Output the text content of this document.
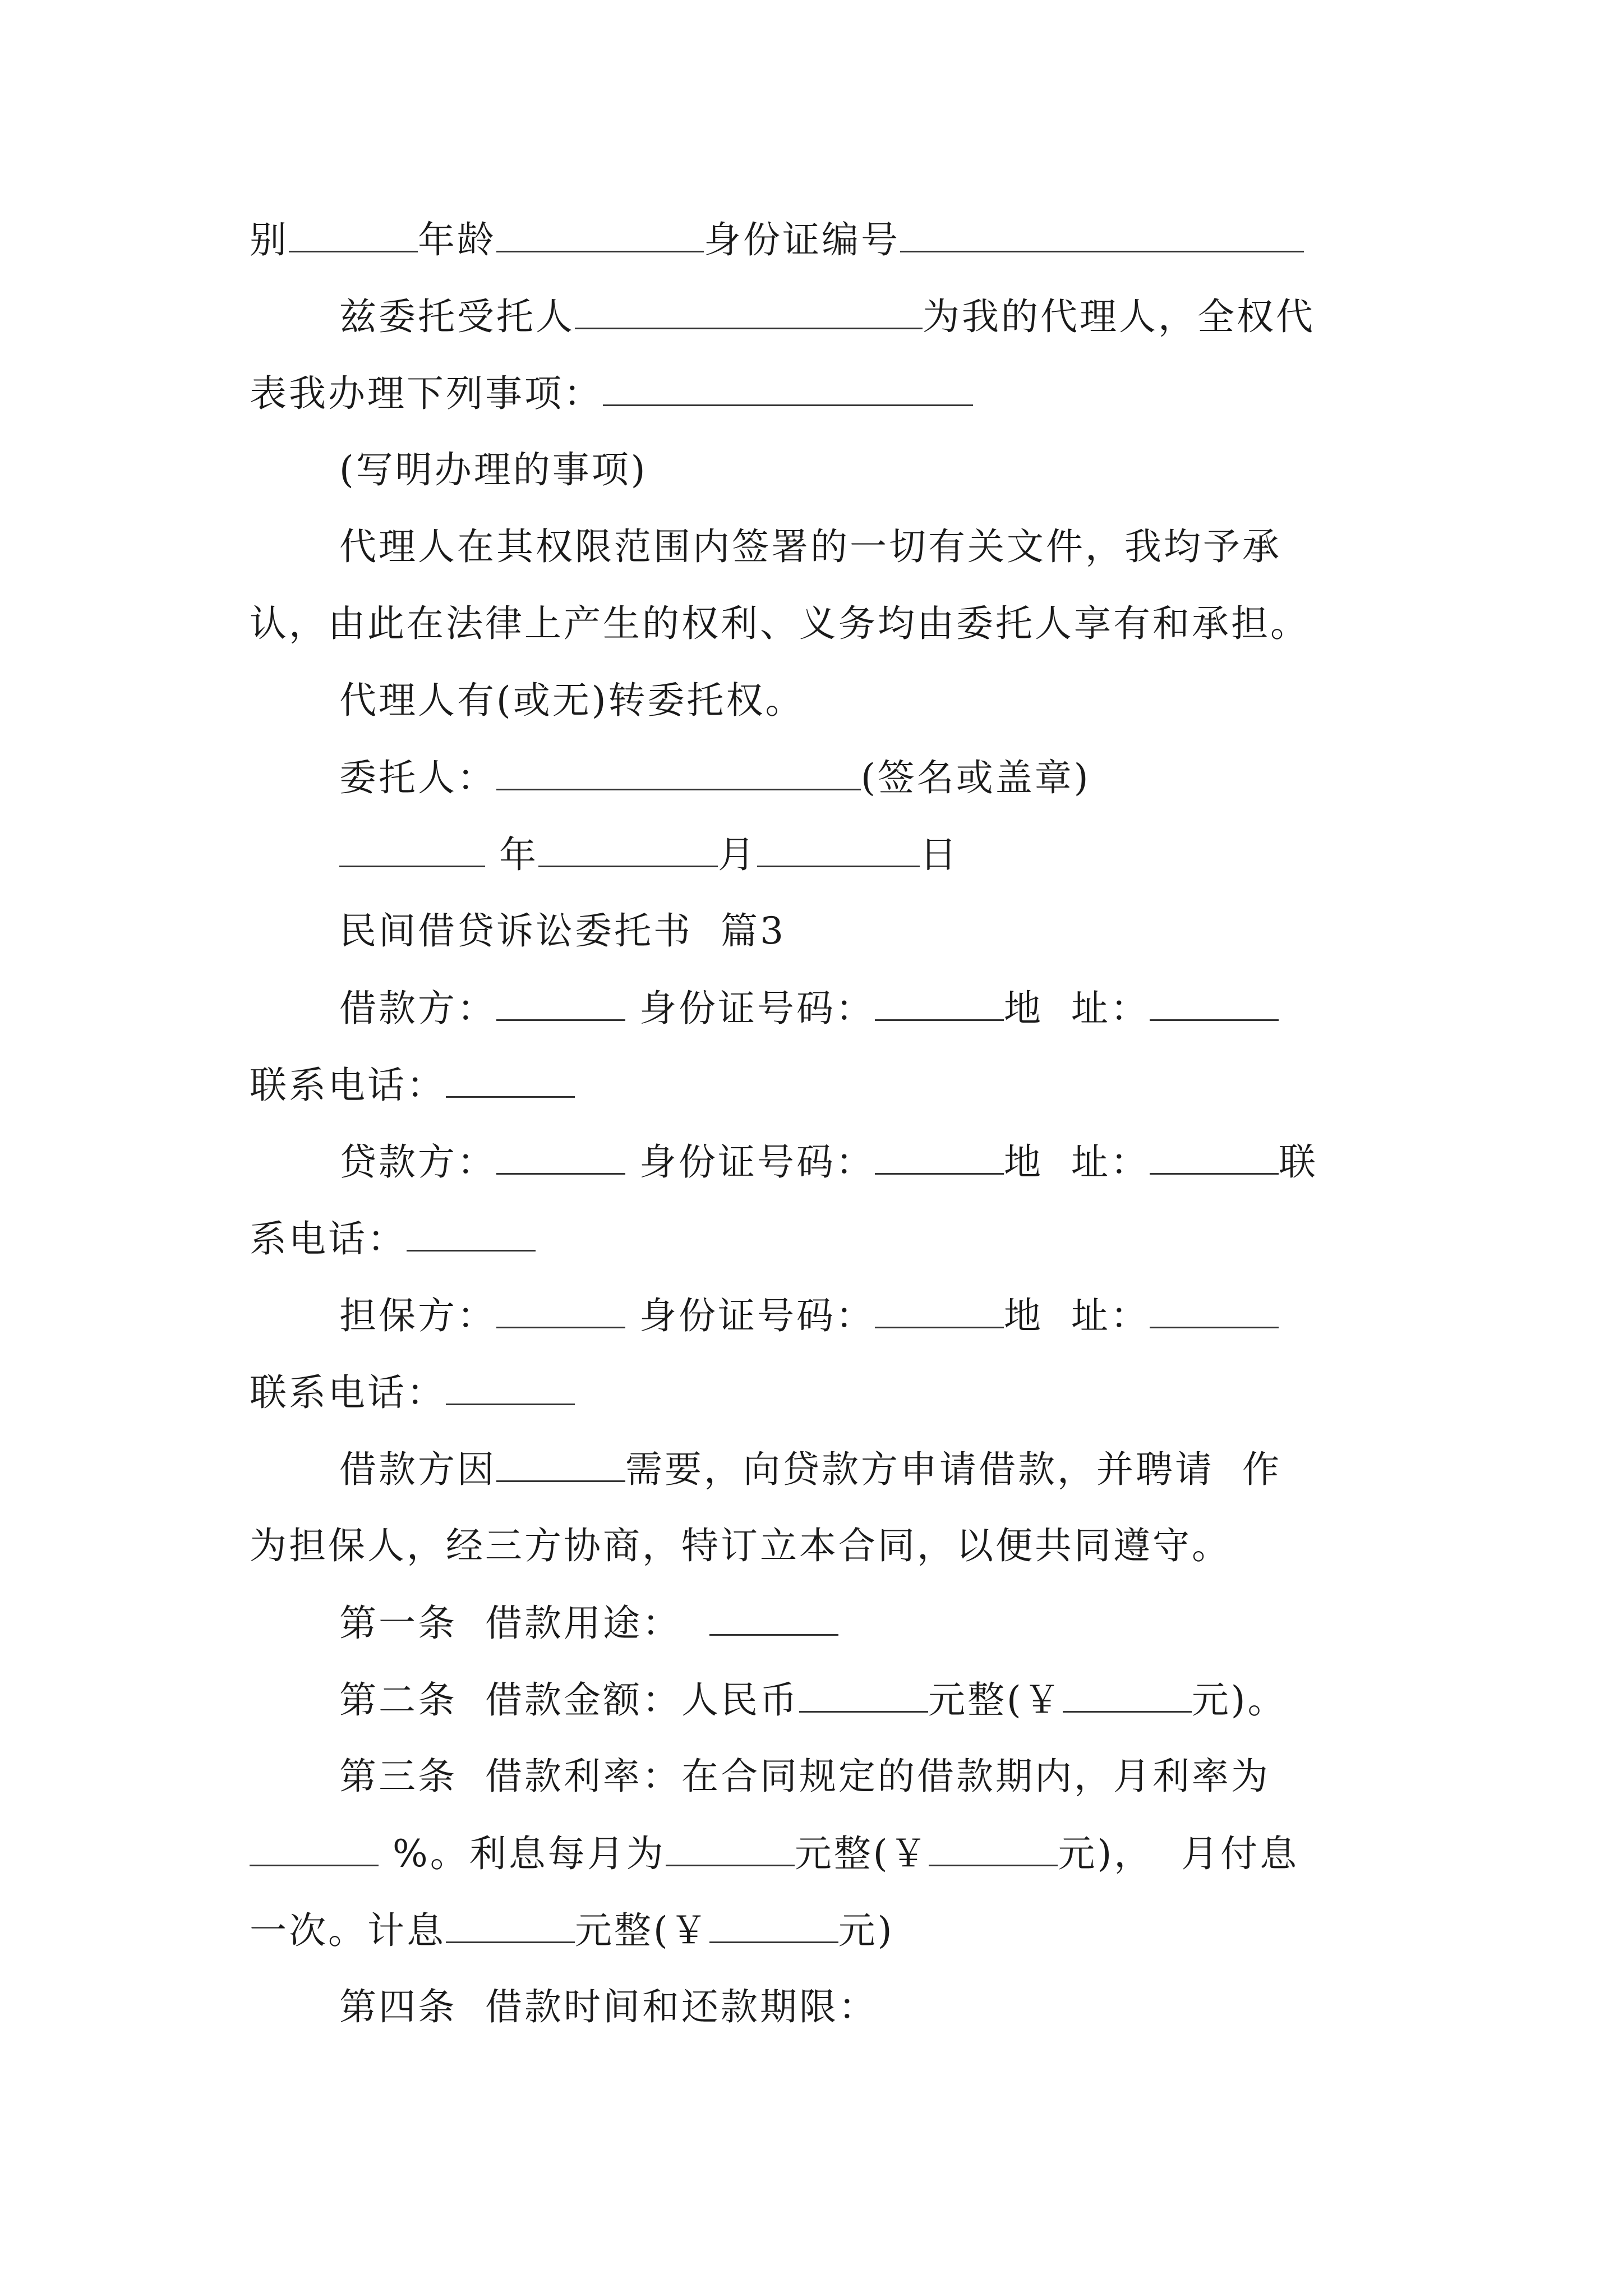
别	年龄	身份证编号
兹委托受托人	为我的代理人，全权代
表我办理下列事项：
(写明办理的事项)
代理人在其权限范围内签署的一切有关文件，我均予承
认，由此在法律上产生的权利、义务均由委托人享有和承担。
代理人有(或无)转委托权。
委托人：	(签名或盖章)
年	月	日
民间借贷诉讼委托书  篇3
借款方：	身份证号码：	地  址：
联系电话：
贷款方：	身份证号码：	地  址：	联
系电话：
担保方：	身份证号码：	地  址：
联系电话：
借款方因	需要，向贷款方申请借款，并聘请  作
为担保人，经三方协商，特订立本合同，以便共同遵守。
第一条  借款用途：
第二条  借款金额：人民币	元整(￥	元)。
第三条  借款利率：在合同规定的借款期内，月利率为
%。利息每月为	元整(￥	元)，  月付息
一次。计息	元整(￥	元)
第四条  借款时间和还款期限：
